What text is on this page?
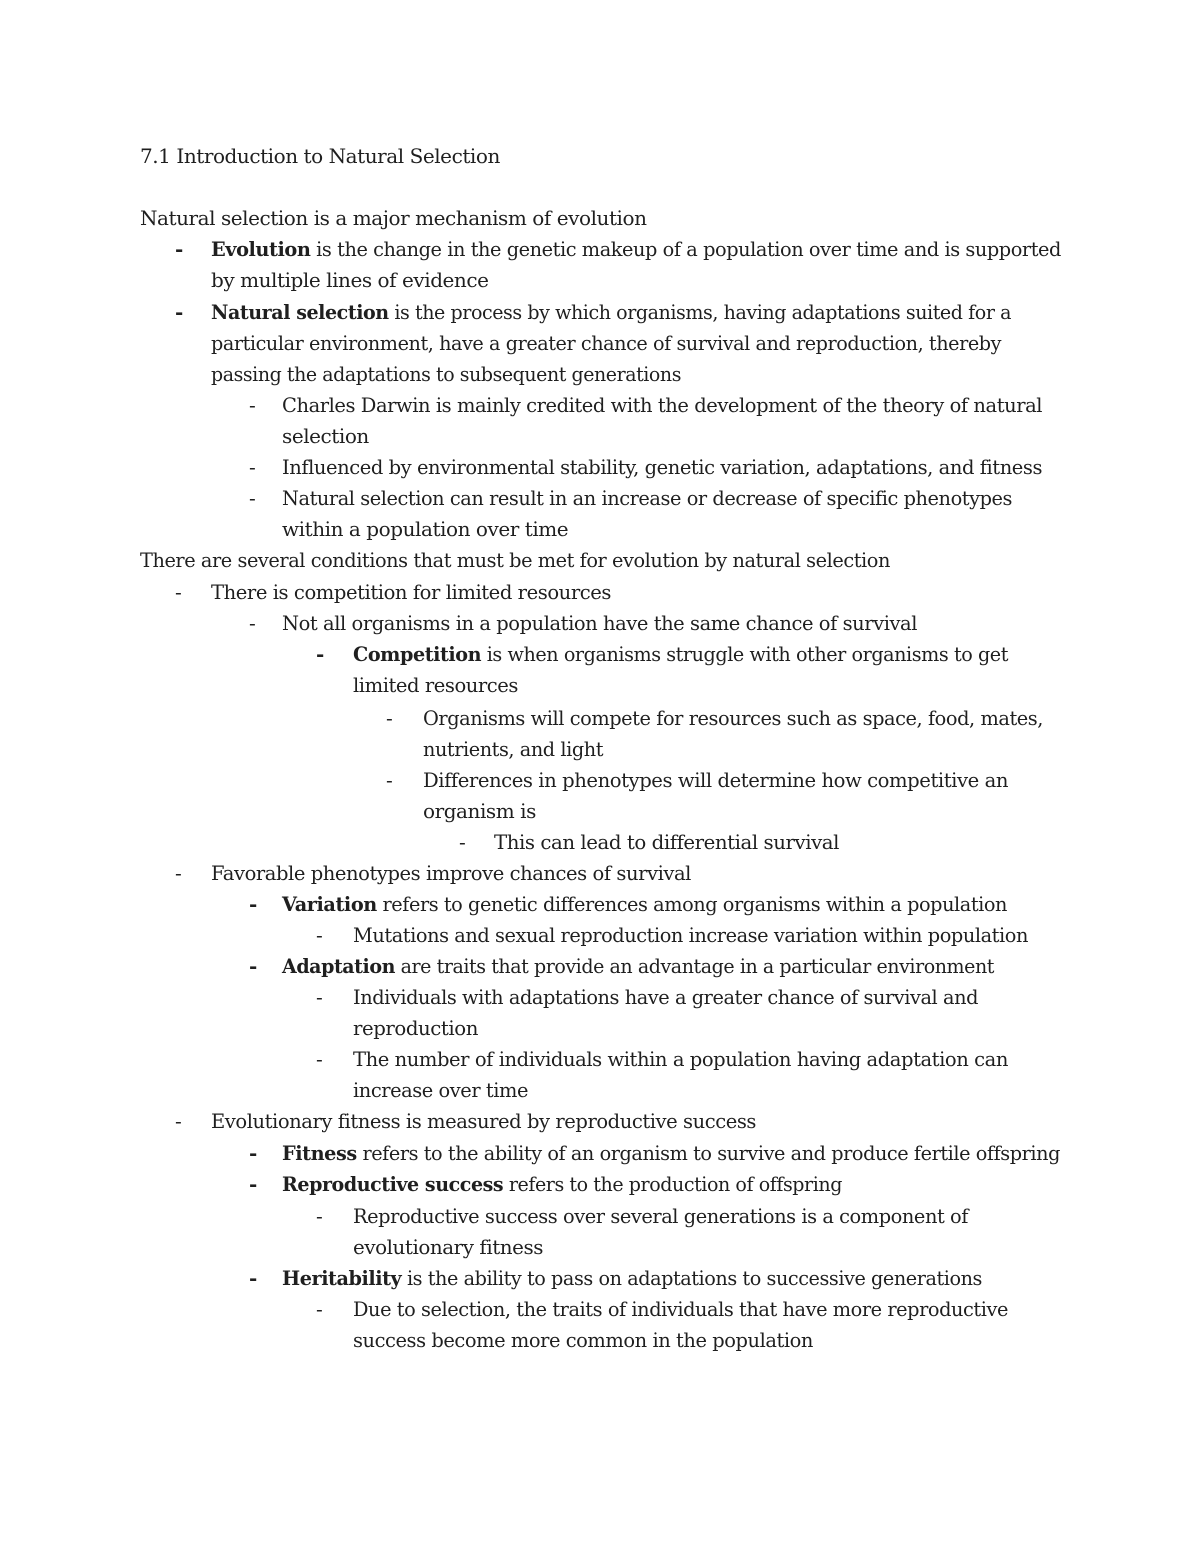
7.1 Introduction to Natural Selection
Natural selection is a major mechanism of evolution
- Evolution is the change in the genetic makeup of a population over time and is supported
by multiple lines of evidence
- Natural selection is the process by which organisms, having adaptations suited for a
particular environment, have a greater chance of survival and reproduction, thereby
passing the adaptations to subsequent generations
- Charles Darwin is mainly credited with the development of the theory of natural
selection
- Influenced by environmental stability, genetic variation, adaptations, and fitness
- Natural selection can result in an increase or decrease of specific phenotypes
within a population over time
There are several conditions that must be met for evolution by natural selection
- There is competition for limited resources
- Not all organisms in a population have the same chance of survival
- Competition is when organisms struggle with other organisms to get
limited resources
- Organisms will compete for resources such as space, food, mates,
nutrients, and light
- Differences in phenotypes will determine how competitive an
organism is
- This can lead to differential survival
- Favorable phenotypes improve chances of survival
- Variation refers to genetic differences among organisms within a population
- Mutations and sexual reproduction increase variation within population
- Adaptation are traits that provide an advantage in a particular environment
- Individuals with adaptations have a greater chance of survival and
reproduction
- The number of individuals within a population having adaptation can
increase over time
- Evolutionary fitness is measured by reproductive success
- Fitness refers to the ability of an organism to survive and produce fertile offspring
- Reproductive success refers to the production of offspring
- Reproductive success over several generations is a component of
evolutionary fitness
- Heritability is the ability to pass on adaptations to successive generations
- Due to selection, the traits of individuals that have more reproductive
success become more common in the population
